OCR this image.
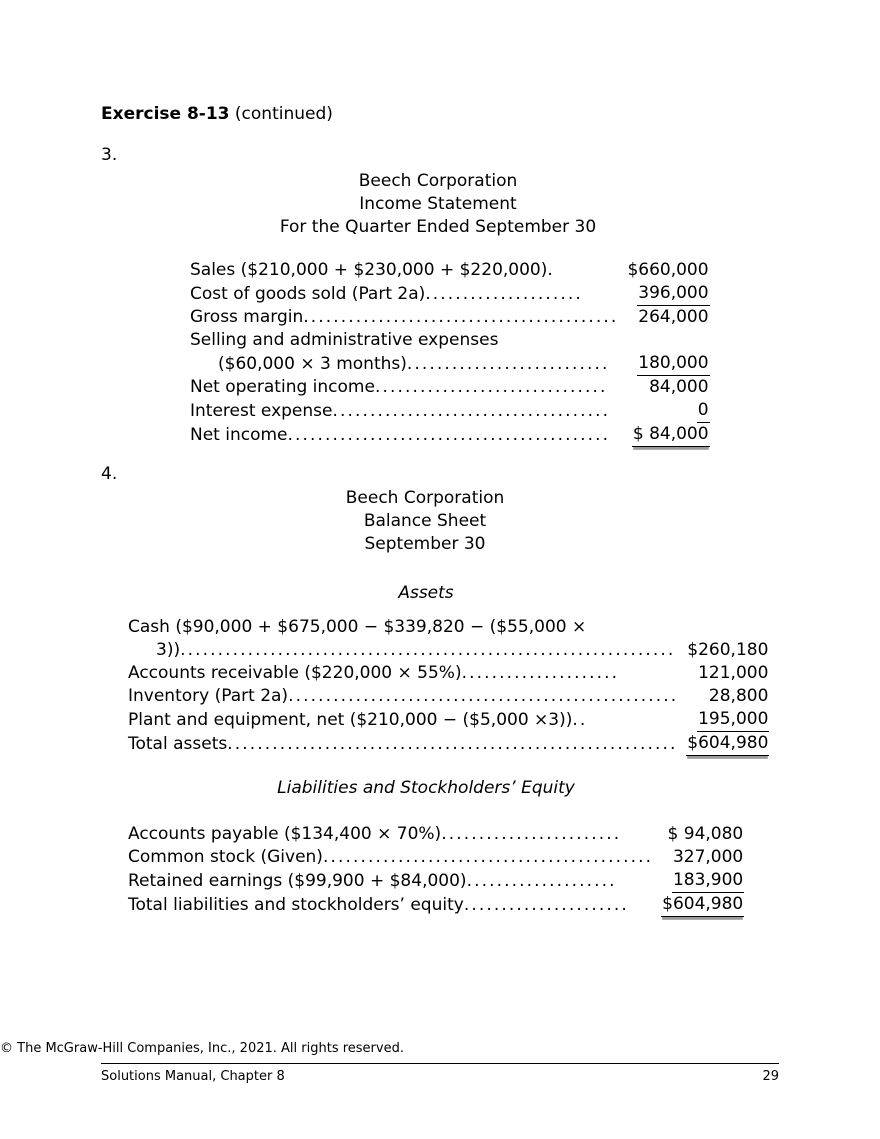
Exercise 8-13 (continued)
3.
Beech Corporation
Income Statement
For the Quarter Ended September 30
Sales ($210,000 + $230,000 + $220,000).	$660,000
Cost of goods sold (Part 2a).....................	396,000
Gross margin..........................................	264,000
Selling and administrative expenses	
($60,000 × 3 months)...........................	180,000
Net operating income...............................	84,000
Interest expense.....................................	0
Net income...........................................	$ 84,000
4.
Beech Corporation
Balance Sheet
September 30
Assets
Cash ($90,000 + $675,000 − $339,820 − ($55,000 ×	
3))..................................................................	$260,180
Accounts receivable ($220,000 × 55%).....................	121,000
Inventory (Part 2a)....................................................	28,800
Plant and equipment, net ($210,000 − ($5,000 ×3))..	195,000
Total assets............................................................	$604,980
Liabilities and Stockholders’ Equity
Accounts payable ($134,400 × 70%)........................	$ 94,080
Common stock (Given)............................................	327,000
Retained earnings ($99,900 + $84,000)....................	183,900
Total liabilities and stockholders’ equity......................	$604,980
© The McGraw-Hill Companies, Inc., 2021. All rights reserved.
Solutions Manual, Chapter 8	29
